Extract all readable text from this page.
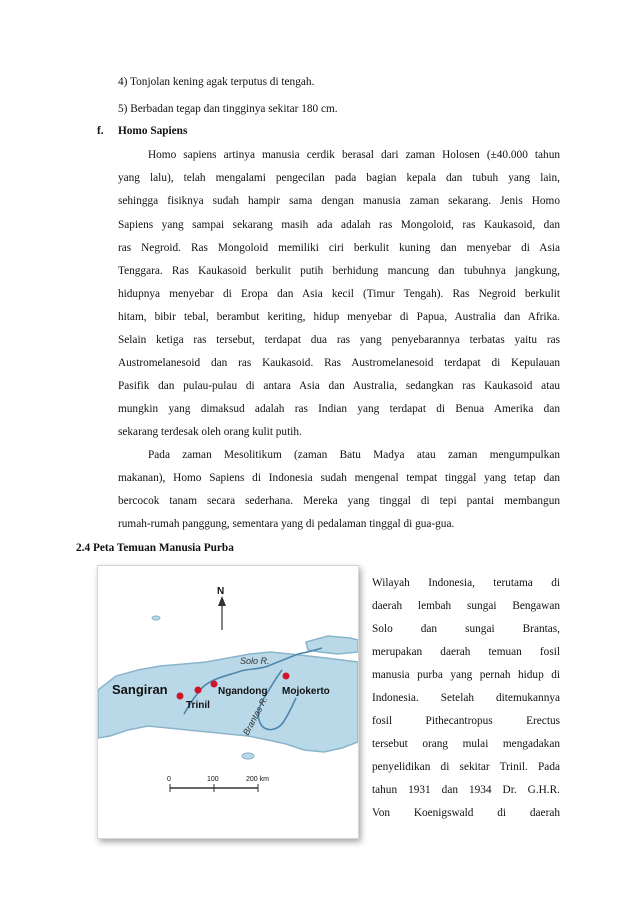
4) Tonjolan kening agak terputus di tengah.
5) Berbadan tegap dan tingginya sekitar 180 cm.
f. Homo Sapiens
Homo sapiens artinya manusia cerdik berasal dari zaman Holosen (±40.000 tahun
yang lalu), telah mengalami pengecilan pada bagian kepala dan tubuh yang lain,
sehingga fisiknya sudah hampir sama dengan manusia zaman sekarang. Jenis Homo
Sapiens yang sampai sekarang masih ada adalah ras Mongoloid, ras Kaukasoid, dan
ras Negroid. Ras Mongoloid memiliki ciri berkulit kuning dan menyebar di Asia
Tenggara. Ras Kaukasoid berkulit putih berhidung mancung dan tubuhnya jangkung,
hidupnya menyebar di Eropa dan Asia kecil (Timur Tengah). Ras Negroid berkulit
hitam, bibir tebal, berambut keriting, hidup menyebar di Papua, Australia dan Afrika.
Selain ketiga ras tersebut, terdapat dua ras yang penyebarannya terbatas yaitu ras
Austromelanesoid dan ras Kaukasoid. Ras Austromelanesoid terdapat di Kepulauan
Pasifik dan pulau-pulau di antara Asia dan Australia, sedangkan ras Kaukasoid atau
mungkin yang dimaksud adalah ras Indian yang terdapat di Benua Amerika dan
sekarang terdesak oleh orang kulit putih.
Pada zaman Mesolitikum (zaman Batu Madya atau zaman mengumpulkan
makanan), Homo Sapiens di Indonesia sudah mengenal tempat tinggal yang tetap dan
bercocok tanam secara sederhana. Mereka yang tinggal di tepi pantai membangun
rumah-rumah panggung, sementara yang di pedalaman tinggal di gua-gua.
2.4 Peta Temuan Manusia Purba
N
Sangiran
Trinil
Ngandong Mojokerto
Solo R.
Brantas R.
0	100	200 km
Wilayah Indonesia, terutama di
daerah lembah sungai Bengawan
Solo dan sungai Brantas,
merupakan daerah temuan fosil
manusia purba yang pernah hidup di
Indonesia. Setelah ditemukannya
fosil Pithecantropus Erectus
tersebut orang mulai mengadakan
penyelidikan di sekitar Trinil. Pada
tahun 1931 dan 1934 Dr. G.H.R.
Von Koenigswald di daerah
